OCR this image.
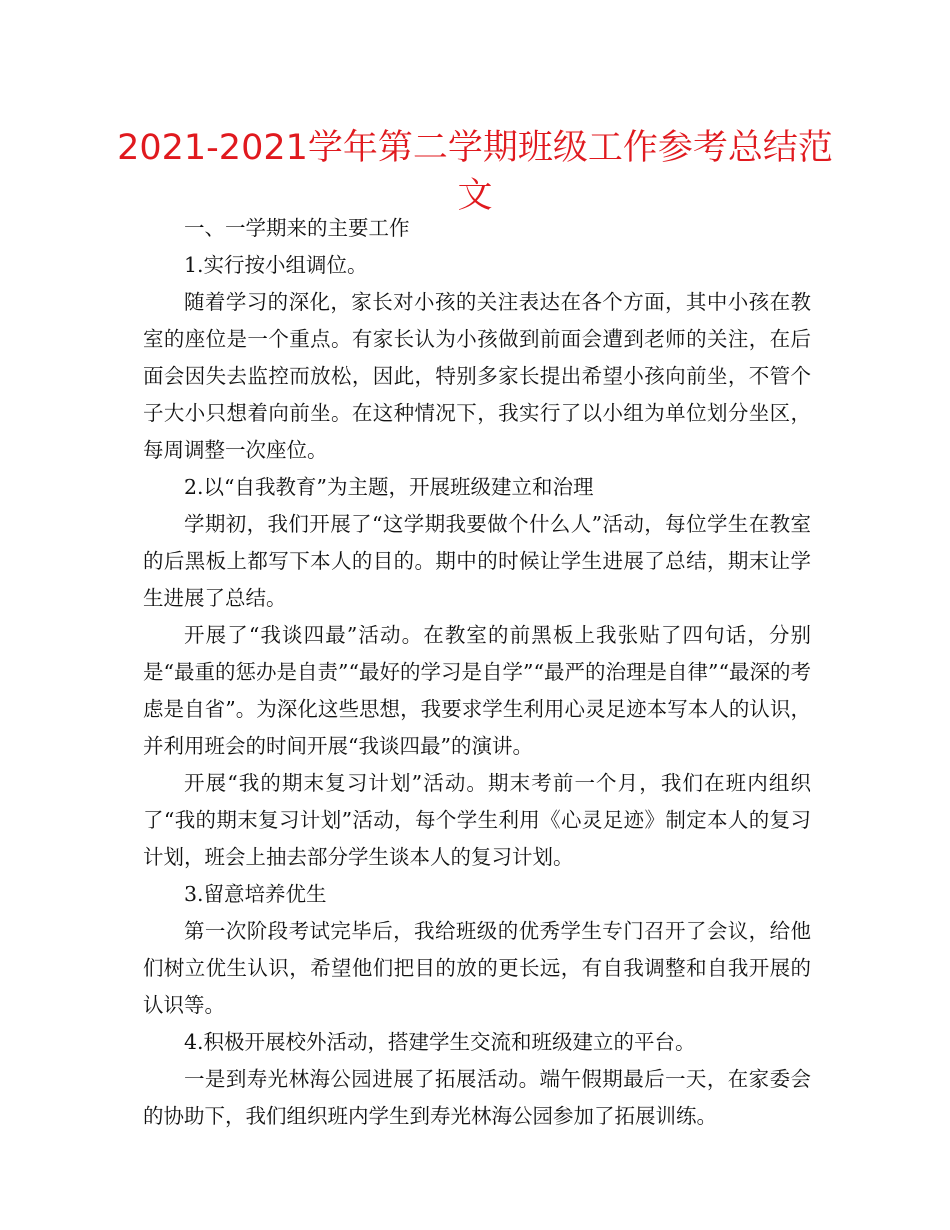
2021-2021学年第二学期班级工作参考总结范文

一、一学期来的主要工作

1.实行按小组调位。

随着学习的深化，家长对小孩的关注表达在各个方面，其中小孩在教室的座位是一个重点。有家长认为小孩做到前面会遭到老师的关注，在后面会因失去监控而放松，因此，特别多家长提出希望小孩向前坐，不管个子大小只想着向前坐。在这种情况下，我实行了以小组为单位划分坐区，每周调整一次座位。

2.以“自我教育”为主题，开展班级建立和治理

学期初，我们开展了“这学期我要做个什么人”活动，每位学生在教室的后黑板上都写下本人的目的。期中的时候让学生进展了总结，期末让学生进展了总结。

开展了“我谈四最”活动。在教室的前黑板上我张贴了四句话，分别是“最重的惩办是自责”“最好的学习是自学”“最严的治理是自律”“最深的考虑是自省”。为深化这些思想，我要求学生利用心灵足迹本写本人的认识，并利用班会的时间开展“我谈四最”的演讲。

开展“我的期末复习计划”活动。期末考前一个月，我们在班内组织了“我的期末复习计划”活动，每个学生利用《心灵足迹》制定本人的复习计划，班会上抽去部分学生谈本人的复习计划。

3.留意培养优生

第一次阶段考试完毕后，我给班级的优秀学生专门召开了会议，给他们树立优生认识，希望他们把目的放的更长远，有自我调整和自我开展的认识等。

4.积极开展校外活动，搭建学生交流和班级建立的平台。

一是到寿光林海公园进展了拓展活动。端午假期最后一天，在家委会的协助下，我们组织班内学生到寿光林海公园参加了拓展训练。
